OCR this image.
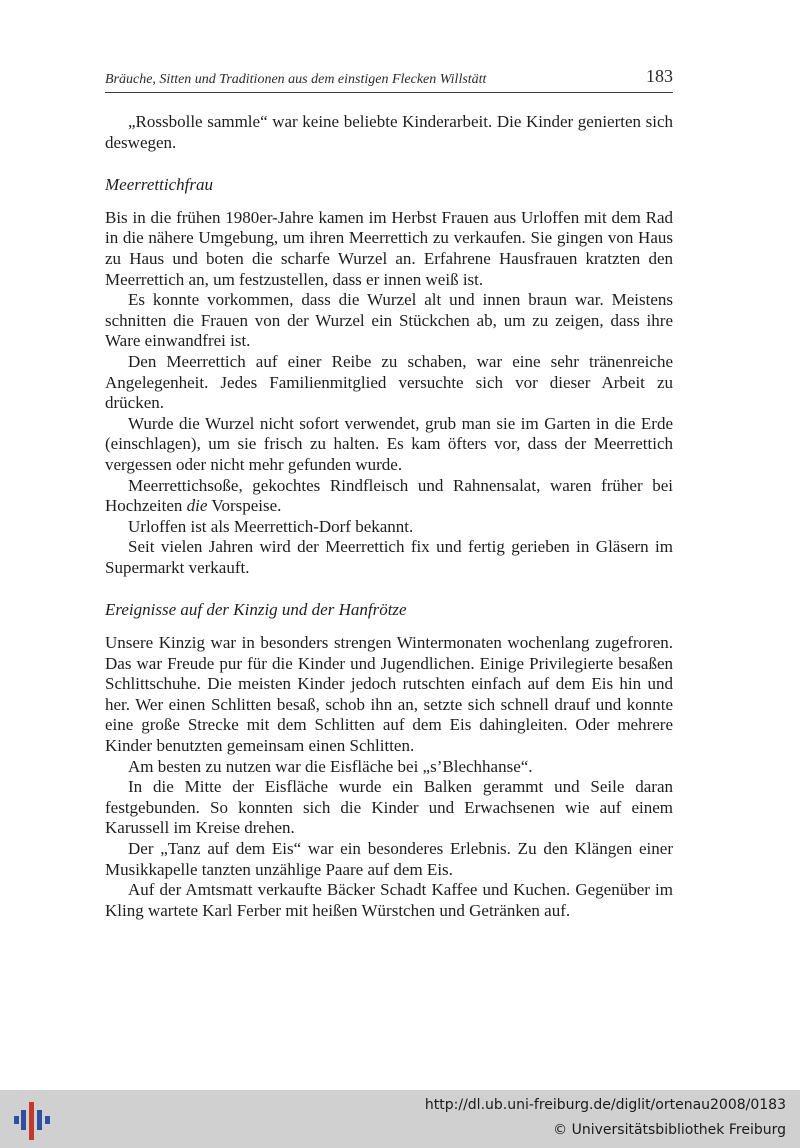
Bräuche, Sitten und Traditionen aus dem einstigen Flecken Willstätt	183

„Rossbolle sammle“ war keine beliebte Kinderarbeit. Die Kinder genierten sich deswegen.

Meerrettichfrau

Bis in die frühen 1980er-Jahre kamen im Herbst Frauen aus Urloffen mit dem Rad in die nähere Umgebung, um ihren Meerrettich zu verkaufen. Sie gingen von Haus zu Haus und boten die scharfe Wurzel an. Erfahrene Hausfrauen kratzten den Meerrettich an, um festzustellen, dass er innen weiß ist.

Es konnte vorkommen, dass die Wurzel alt und innen braun war. Meistens schnitten die Frauen von der Wurzel ein Stückchen ab, um zu zeigen, dass ihre Ware einwandfrei ist.

Den Meerrettich auf einer Reibe zu schaben, war eine sehr tränenreiche Angelegenheit. Jedes Familienmitglied versuchte sich vor dieser Arbeit zu drücken.

Wurde die Wurzel nicht sofort verwendet, grub man sie im Garten in die Erde (einschlagen), um sie frisch zu halten. Es kam öfters vor, dass der Meerrettich vergessen oder nicht mehr gefunden wurde.

Meerrettichsoße, gekochtes Rindfleisch und Rahnensalat, waren früher bei Hochzeiten die Vorspeise.

Urloffen ist als Meerrettich-Dorf bekannt.

Seit vielen Jahren wird der Meerrettich fix und fertig gerieben in Gläsern im Supermarkt verkauft.

Ereignisse auf der Kinzig und der Hanfrötze

Unsere Kinzig war in besonders strengen Wintermonaten wochenlang zugefroren. Das war Freude pur für die Kinder und Jugendlichen. Einige Privilegierte besaßen Schlittschuhe. Die meisten Kinder jedoch rutschten einfach auf dem Eis hin und her. Wer einen Schlitten besaß, schob ihn an, setzte sich schnell drauf und konnte eine große Strecke mit dem Schlitten auf dem Eis dahingleiten. Oder mehrere Kinder benutzten gemeinsam einen Schlitten.

Am besten zu nutzen war die Eisfläche bei „s’Blechhanse“.

In die Mitte der Eisfläche wurde ein Balken gerammt und Seile daran festgebunden. So konnten sich die Kinder und Erwachsenen wie auf einem Karussell im Kreise drehen.

Der „Tanz auf dem Eis“ war ein besonderes Erlebnis. Zu den Klängen einer Musikkapelle tanzten unzählige Paare auf dem Eis.

Auf der Amtsmatt verkaufte Bäcker Schadt Kaffee und Kuchen. Gegenüber im Kling wartete Karl Ferber mit heißen Würstchen und Getränken auf.

http://dl.ub.uni-freiburg.de/diglit/ortenau2008/0183
© Universitätsbibliothek Freiburg
